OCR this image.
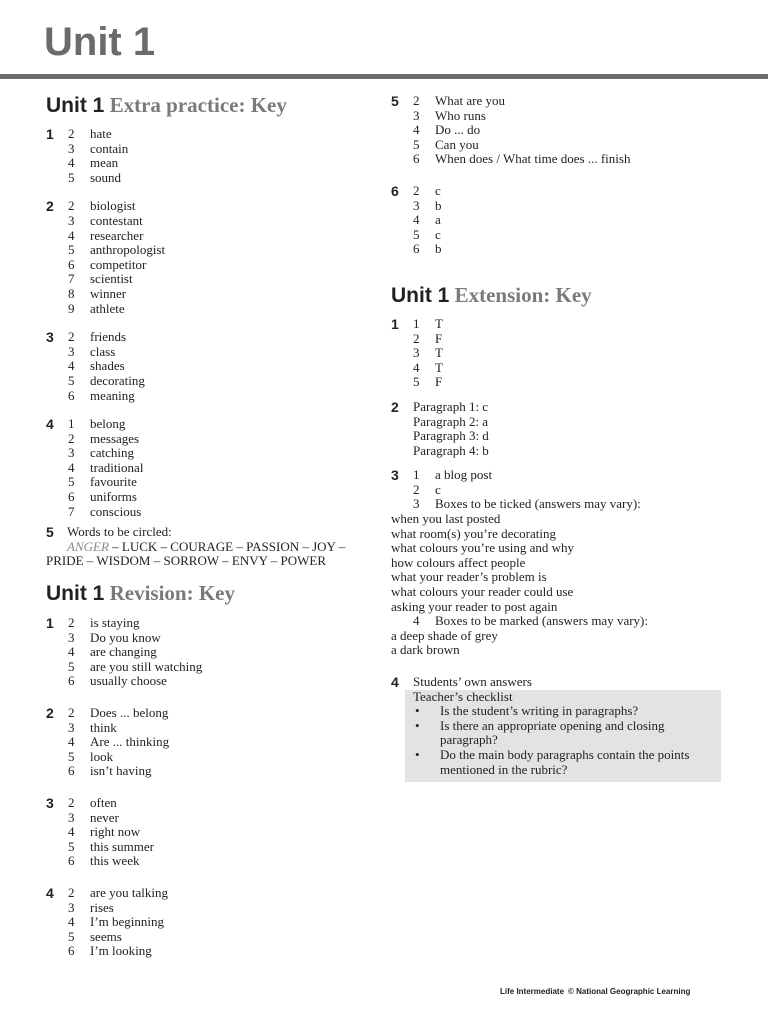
Unit 1
Unit 1 Extra practice: Key
1	2	hate
3	contain
4	mean
5	sound
2	2	biologist
3	contestant
4	researcher
5	anthropologist
6	competitor
7	scientist
8	winner
9	athlete
3	2	friends
3	class
4	shades
5	decorating
6	meaning
4	1	belong
2	messages
3	catching
4	traditional
5	favourite
6	uniforms
7	conscious
5	Words to be circled:
ANGER – LUCK – COURAGE – PASSION – JOY –
PRIDE – WISDOM – SORROW – ENVY – POWER
Unit 1 Revision: Key
1	2	is staying
3	Do you know
4	are changing
5	are you still watching
6	usually choose
2	2	Does ... belong
3	think
4	Are ... thinking
5	look
6	isn’t having
3	2	often
3	never
4	right now
5	this summer
6	this week
4	2	are you talking
3	rises
4	I’m beginning
5	seems
6	I’m looking
5	2	What are you
3	Who runs
4	Do ... do
5	Can you
6	When does / What time does ... finish
6	2	c
3	b
4	a
5	c
6	b
Unit 1 Extension: Key
1	1	T
2	F
3	T
4	T
5	F
2	Paragraph 1: c
Paragraph 2: a
Paragraph 3: d
Paragraph 4: b
3	1	a blog post
2	c
3	Boxes to be ticked (answers may vary):
when you last posted
what room(s) you’re decorating
what colours you’re using and why
how colours affect people
what your reader’s problem is
what colours your reader could use
asking your reader to post again
4	Boxes to be marked (answers may vary):
a deep shade of grey
a dark brown
4	Students’ own answers
Teacher’s checklist
•	Is the student’s writing in paragraphs?
•	Is there an appropriate opening and closing paragraph?
•	Do the main body paragraphs contain the points mentioned in the rubric?
Life Intermediate © National Geographic Learning
